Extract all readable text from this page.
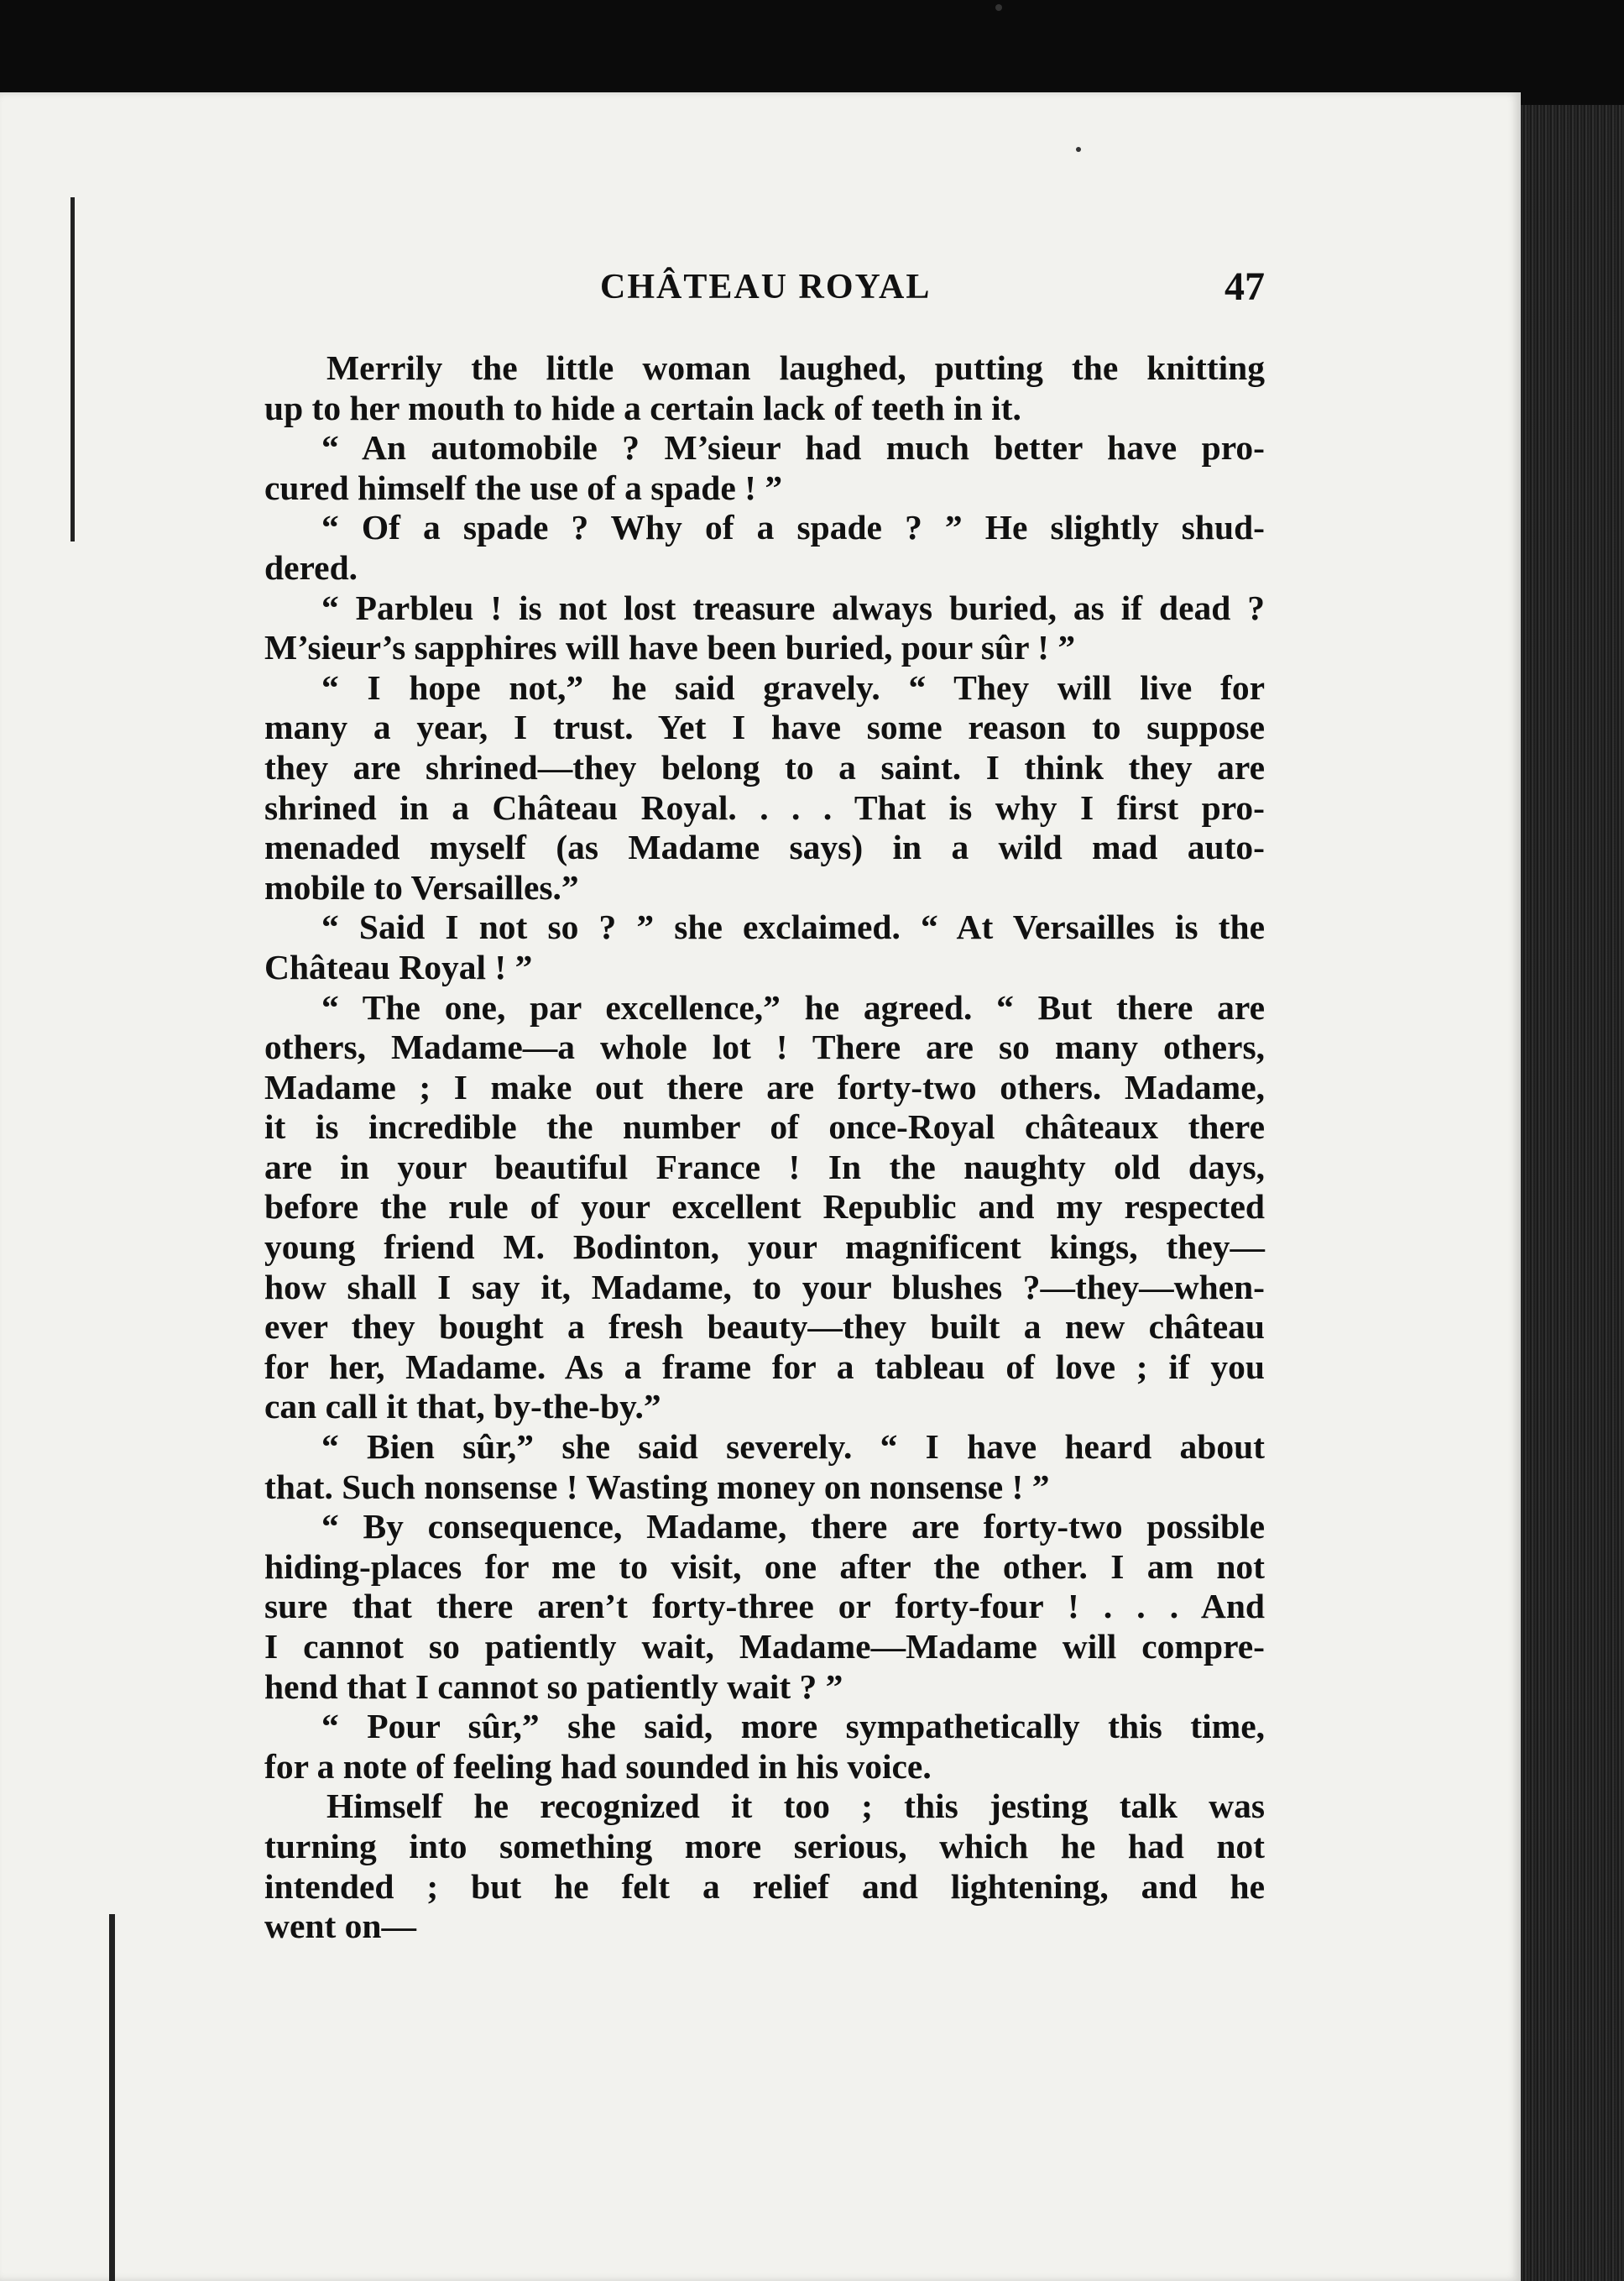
CHÂTEAU ROYAL	47
Merrily the little woman laughed, putting the knitting
up to her mouth to hide a certain lack of teeth in it.
“ An automobile ? M’sieur had much better have pro-
cured himself the use of a spade ! ”
“ Of a spade ? Why of a spade ? ” He slightly shud-
dered.
“ Parbleu ! is not lost treasure always buried, as if dead ?
M’sieur’s sapphires will have been buried, pour sûr ! ”
“ I hope not,” he said gravely. “ They will live for
many a year, I trust. Yet I have some reason to suppose
they are shrined—they belong to a saint. I think they are
shrined in a Château Royal. . . . That is why I first pro-
menaded myself (as Madame says) in a wild mad auto-
mobile to Versailles.”
“ Said I not so ? ” she exclaimed. “ At Versailles is the
Château Royal ! ”
“ The one, par excellence,” he agreed. “ But there are
others, Madame—a whole lot ! There are so many others,
Madame ; I make out there are forty-two others. Madame,
it is incredible the number of once-Royal châteaux there
are in your beautiful France ! In the naughty old days,
before the rule of your excellent Republic and my respected
young friend M. Bodinton, your magnificent kings, they—
how shall I say it, Madame, to your blushes ?—they—when-
ever they bought a fresh beauty—they built a new château
for her, Madame. As a frame for a tableau of love ; if you
can call it that, by-the-by.”
“ Bien sûr,” she said severely. “ I have heard about
that. Such nonsense ! Wasting money on nonsense ! ”
“ By consequence, Madame, there are forty-two possible
hiding-places for me to visit, one after the other. I am not
sure that there aren’t forty-three or forty-four ! . . . And
I cannot so patiently wait, Madame—Madame will compre-
hend that I cannot so patiently wait ? ”
“ Pour sûr,” she said, more sympathetically this time,
for a note of feeling had sounded in his voice.
Himself he recognized it too ; this jesting talk was
turning into something more serious, which he had not
intended ; but he felt a relief and lightening, and he
went on—
